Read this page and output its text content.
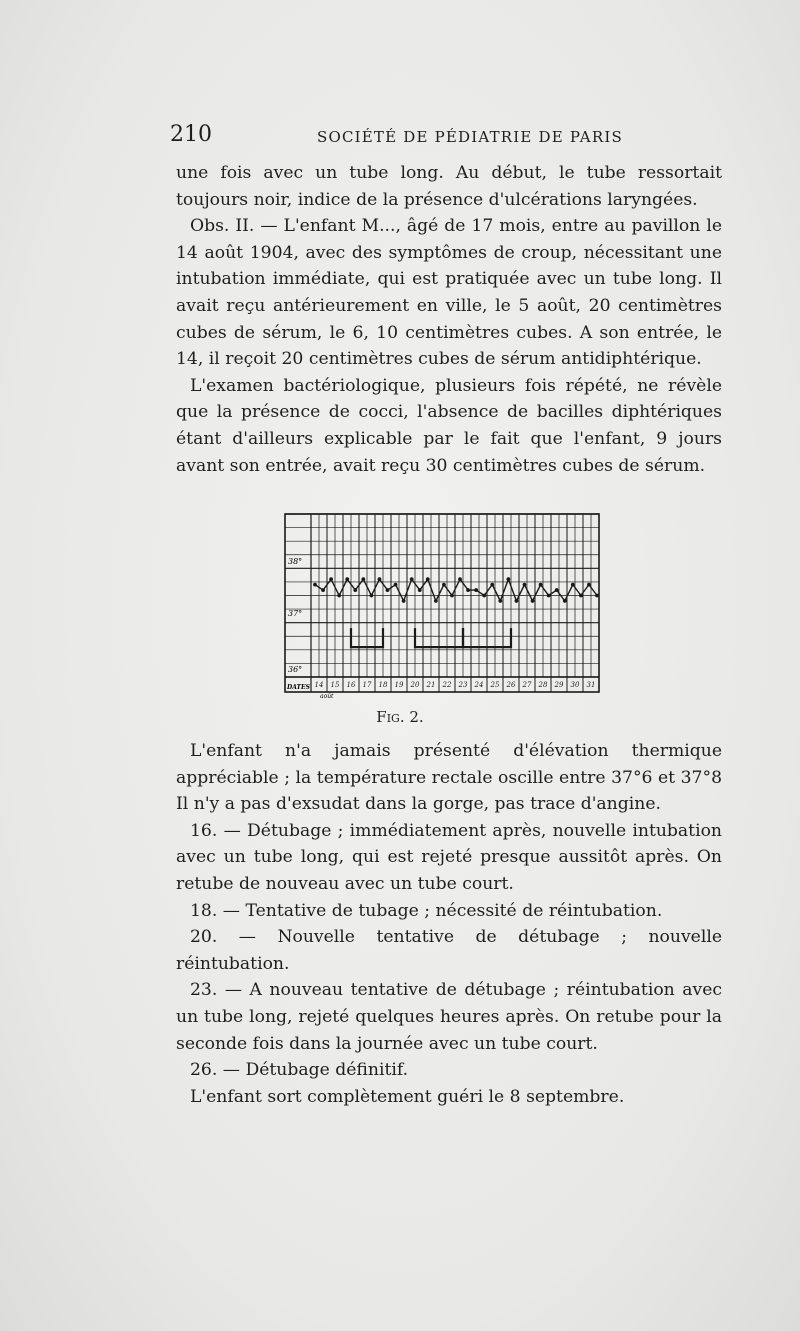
210	SOCIÉTÉ DE PÉDIATRIE DE PARIS

une fois avec un tube long. Au début, le tube ressortait toujours noir, indice de la présence d'ulcérations laryngées.

Obs. II. — L'enfant M..., âgé de 17 mois, entre au pavillon le 14 août 1904, avec des symptômes de croup, nécessitant une intubation immédiate, qui est pratiquée avec un tube long. Il avait reçu antérieurement en ville, le 5 août, 20 centimètres cubes de sérum, le 6, 10 centimètres cubes. A son entrée, le 14, il reçoit 20 centimètres cubes de sérum antidiphtérique.

L'examen bactériologique, plusieurs fois répété, ne révèle que la présence de cocci, l'absence de bacilles diphtériques étant d'ailleurs explicable par le fait que l'enfant, 9 jours avant son entrée, avait reçu 30 centimètres cubes de sérum.

38°
37°
36°
DATES
août
14 15 16 17 18 19 20 21 22 23 24 25 26 27 28 29 30 31
Fig. 2.

L'enfant n'a jamais présenté d'élévation thermique appréciable ; la température rectale oscille entre 37°6 et 37°8 Il n'y a pas d'exsudat dans la gorge, pas trace d'angine.

16. — Détubage ; immédiatement après, nouvelle intubation avec un tube long, qui est rejeté presque aussitôt après. On retube de nouveau avec un tube court.

18. — Tentative de tubage ; nécessité de réintubation.

20. — Nouvelle tentative de détubage ; nouvelle réintubation.

23. — A nouveau tentative de détubage ; réintubation avec un tube long, rejeté quelques heures après. On retube pour la seconde fois dans la journée avec un tube court.

26. — Détubage définitif.

L'enfant sort complètement guéri le 8 septembre.
